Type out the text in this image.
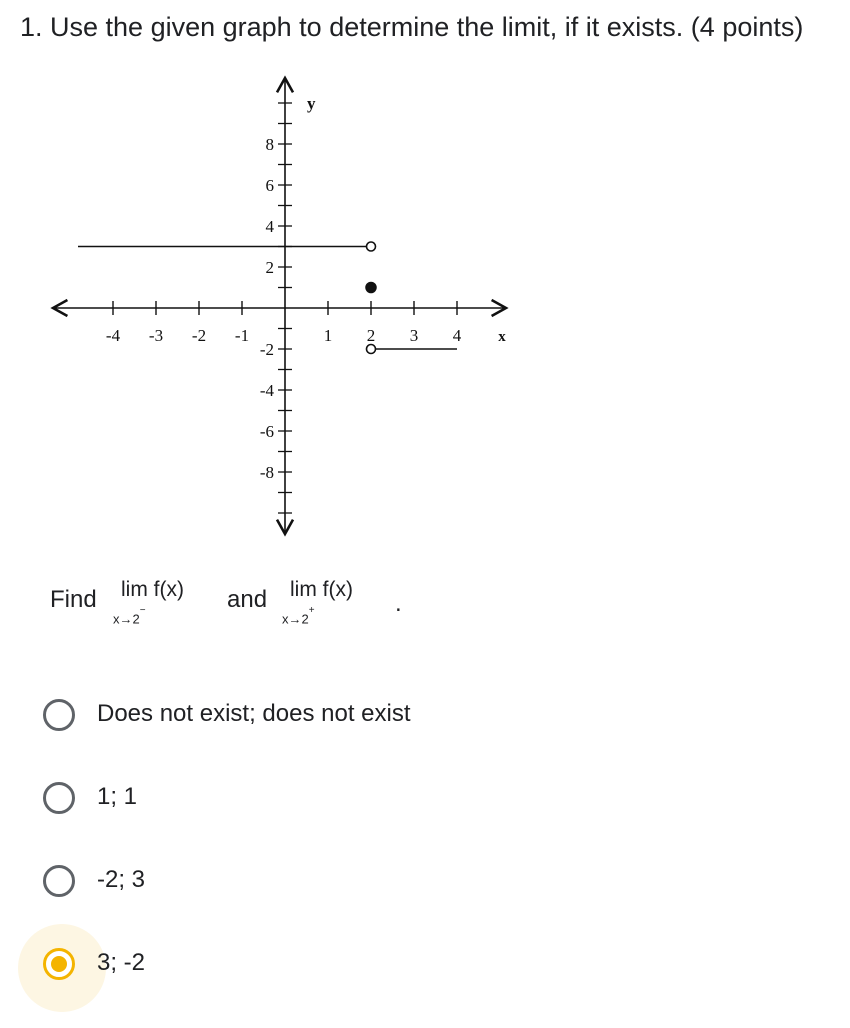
1. Use the given graph to determine the limit, if it exists. (4 points)
-4 -3 -2 -1	1 2 3 4
8
6
4
2
-2
-4
-6
-8
y
x
Find lim f(x)
x→2−	and lim f(x)
x→2+	.
Does not exist; does not exist
1; 1
-2; 3
3; -2
